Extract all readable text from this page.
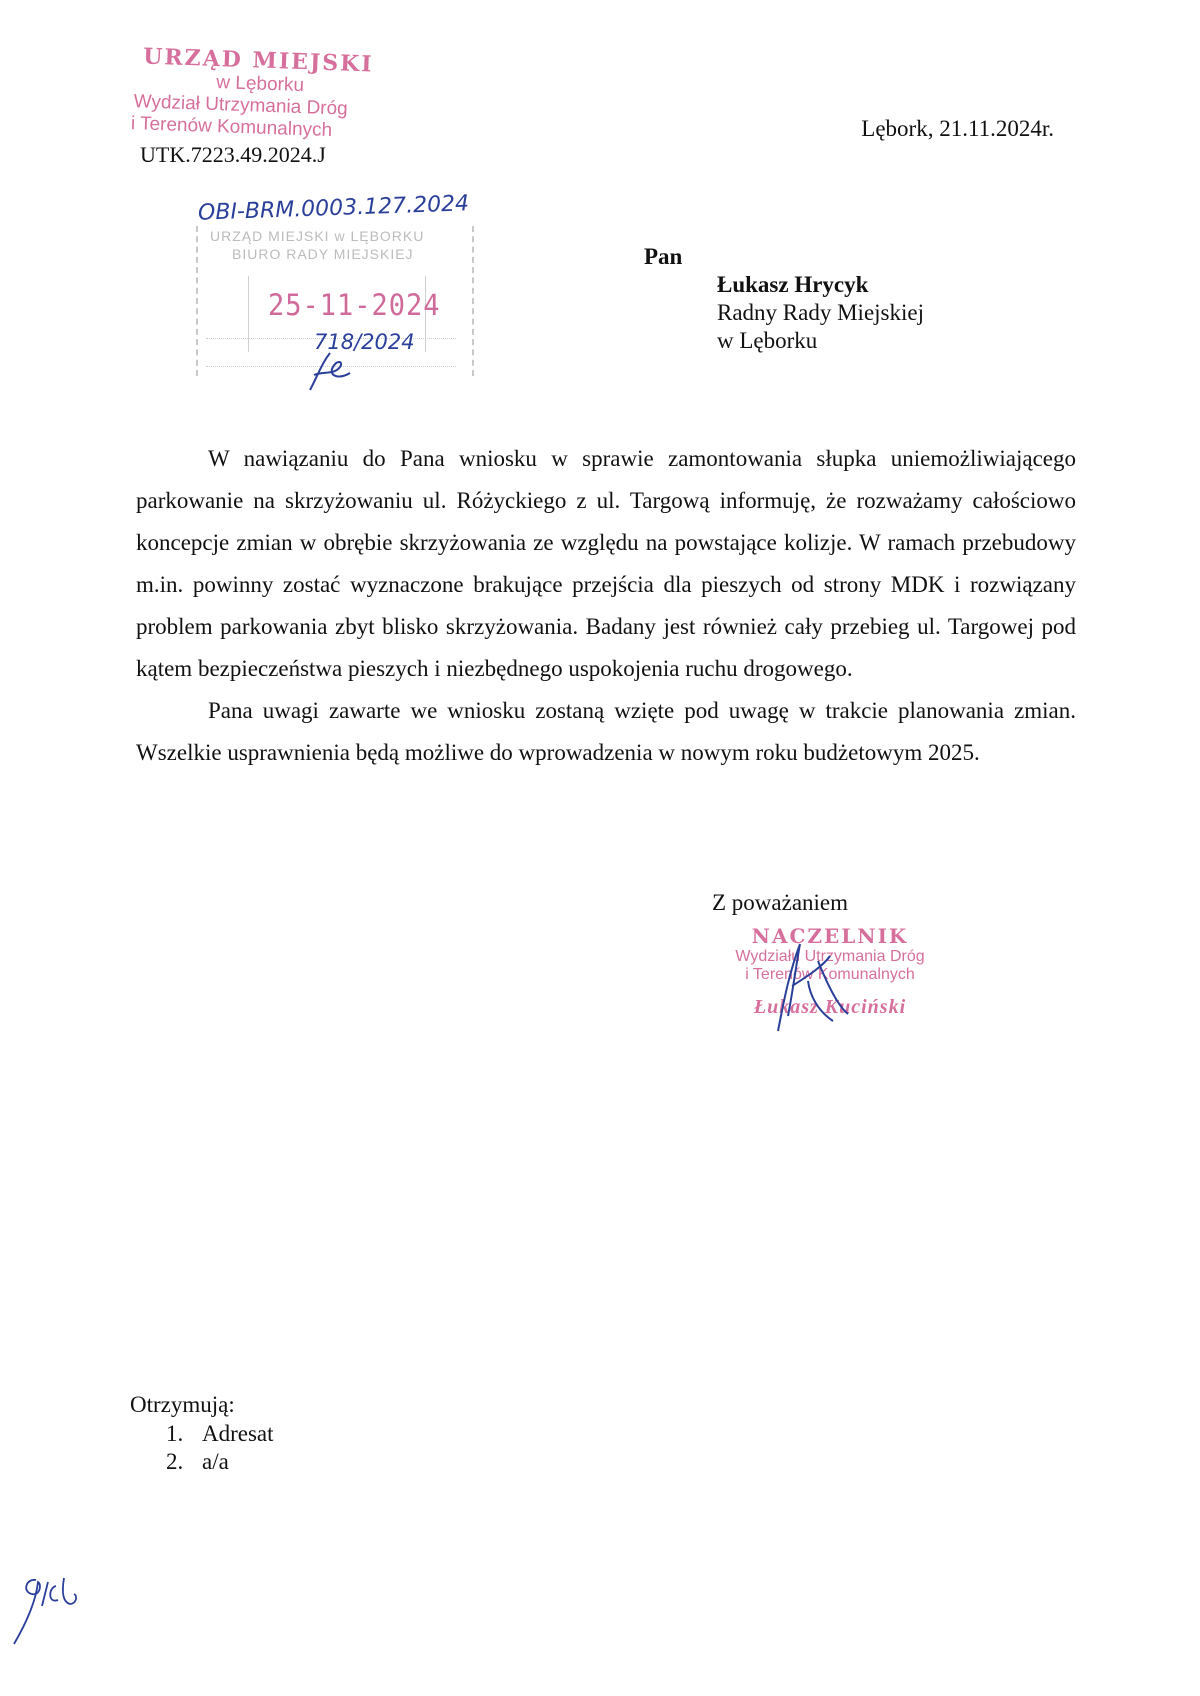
URZĄD MIEJSKI
w Lęborku
Wydział Utrzymania Dróg
i Terenów Komunalnych
UTK.7223.49.2024.J
Lębork, 21.11.2024r.
OBI-BRM.0003.127.2024
URZĄD MIEJSKI w LĘBORKU
BIURO RADY MIEJSKIEJ
25-11-2024
718/2024
Pan
Łukasz Hrycyk
Radny Rady Miejskiej
w Lęborku

W nawiązaniu do Pana wniosku w sprawie zamontowania słupka uniemożliwiającego parkowanie na skrzyżowaniu ul. Różyckiego z ul. Targową informuję, że rozważamy całościowo koncepcje zmian w obrębie skrzyżowania ze względu na powstające kolizje. W ramach przebudowy m.in. powinny zostać wyznaczone brakujące przejścia dla pieszych od strony MDK i rozwiązany problem parkowania zbyt blisko skrzyżowania. Badany jest również cały przebieg ul. Targowej pod kątem bezpieczeństwa pieszych i niezbędnego uspokojenia ruchu drogowego.

Pana uwagi zawarte we wniosku zostaną wzięte pod uwagę w trakcie planowania zmian. Wszelkie usprawnienia będą możliwe do wprowadzenia w nowym roku budżetowym 2025.

Z poważaniem
NACZELNIK
Wydziału Utrzymania Dróg
i Terenów Komunalnych
Łukasz Kuciński
Otrzymują:
1. Adresat
2. a/a
